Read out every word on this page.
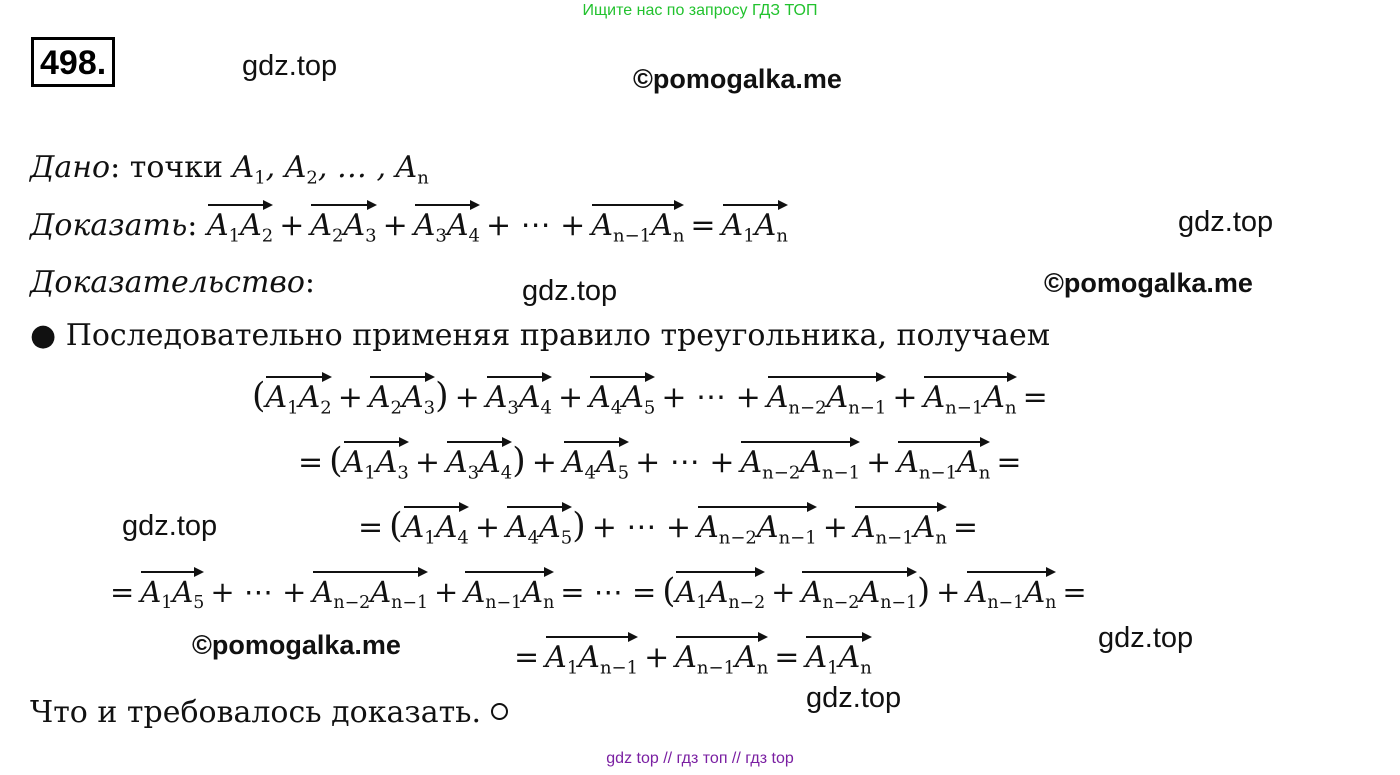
Ищите нас по запросу ГДЗ ТОП
498.	gdz.top	©pomogalka.me
gdz.top
gdz.top	©pomogalka.me
gdz.top
©pomogalka.me	gdz.top
gdz.top
Дано: точки $A_1$, $A_2$, … , $A_n$
Доказать: $A_1A_2 + A_2A_3 + A_3A_4$ + ⋯ + $A_{n-1}A_n = A_1A_n$
Доказательство:
● Последовательно применяя правило треугольника, получаем
$(A_1A_2 + A_2A_3) + A_3A_4 + A_4A_5$ + ⋯ + $A_{n-2}A_{n-1} + A_{n-1}A_n$ =
= $(A_1A_3 + A_3A_4) + A_4A_5$ + ⋯ + $A_{n-2}A_{n-1} + A_{n-1}A_n$ =
= $(A_1A_4 + A_4A_5)$ + ⋯ + $A_{n-2}A_{n-1} + A_{n-1}A_n$ =
= $A_1A_5$ + ⋯ + $A_{n-2}A_{n-1} + A_{n-1}A_n$ = ⋯ = $(A_1A_{n-2} + A_{n-2}A_{n-1}) + A_{n-1}A_n$ =
= $A_1A_{n-1} + A_{n-1}A_n = A_1A_n$
Что и требовалось доказать.
gdz top // гдз топ // гдз top
